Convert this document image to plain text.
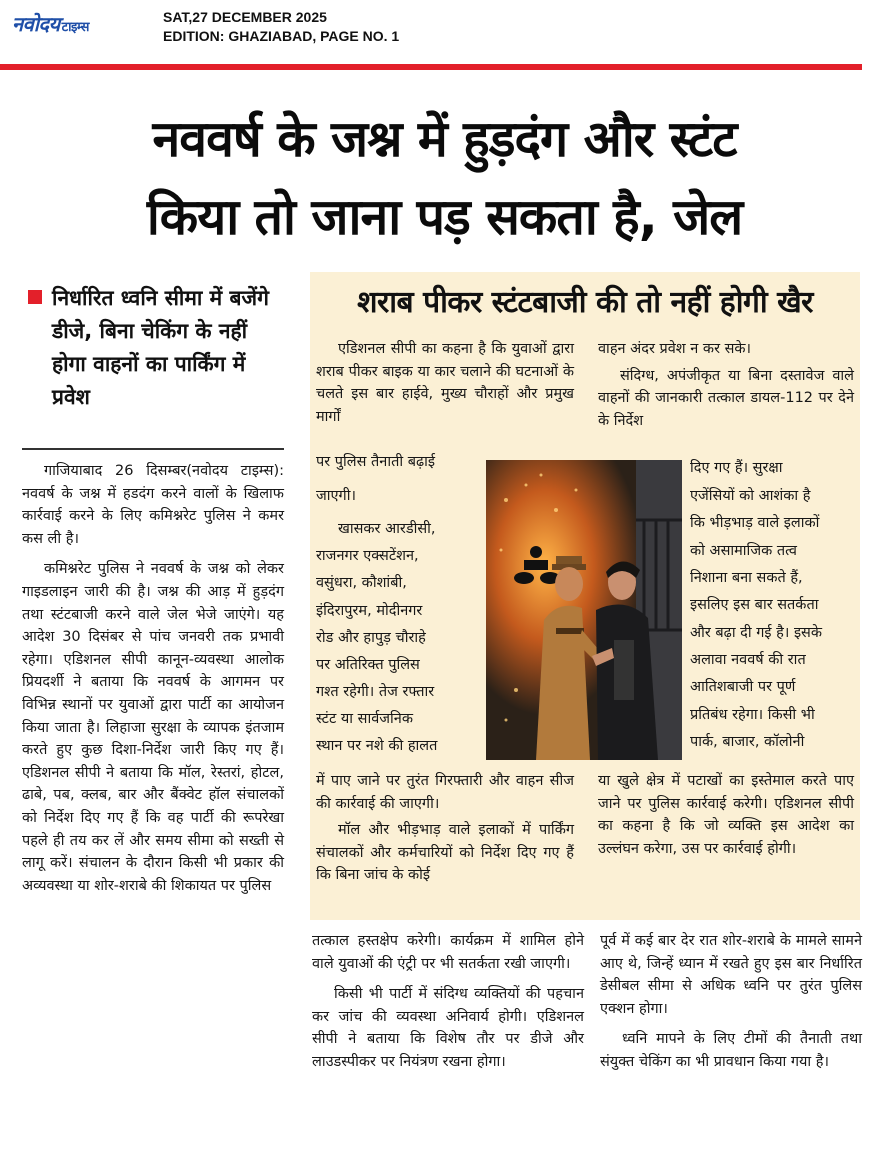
नवोदय टाइम्स
SAT,27 DECEMBER 2025
EDITION: GHAZIABAD, PAGE NO. 1
नववर्ष के जश्न में हुड़दंग और स्टंट
किया तो जाना पड़ सकता है, जेल
निर्धारित ध्वनि सीमा में बजेंगे डीजे, बिना चेकिंग के नहीं होगा वाहनों का पार्किंग में प्रवेश

गाजियाबाद 26 दिसम्बर(नवोदय टाइम्स): नववर्ष के जश्न में हडदंग करने वालों के खिलाफ कार्रवाई करने के लिए कमिश्नरेट पुलिस ने कमर कस ली है।

कमिश्नरेट पुलिस ने नववर्ष के जश्न को लेकर गाइडलाइन जारी की है। जश्न की आड़ में हुड़दंग तथा स्टंटबाजी करने वाले जेल भेजे जाएंगे। यह आदेश 30 दिसंबर से पांच जनवरी तक प्रभावी रहेगा। एडिशनल सीपी कानून-व्यवस्था आलोक प्रियदर्शी ने बताया कि नववर्ष के आगमन पर विभिन्न स्थानों पर युवाओं द्वारा पार्टी का आयोजन किया जाता है। लिहाजा सुरक्षा के व्यापक इंतजाम करते हुए कुछ दिशा-निर्देश जारी किए गए हैं। एडिशनल सीपी ने बताया कि मॉल, रेस्तरां, होटल, ढाबे, पब, क्लब, बार और बैंक्वेट हॉल संचालकों को निर्देश दिए गए हैं कि वह पार्टी की रूपरेखा पहले ही तय कर लें और समय सीमा को सख्ती से लागू करें। संचालन के दौरान किसी भी प्रकार की अव्यवस्था या शोर-शराबे की शिकायत पर पुलिस

शराब पीकर स्टंटबाजी की तो नहीं होगी खैर

एडिशनल सीपी का कहना है कि युवाओं द्वारा शराब पीकर बाइक या कार चलाने की घटनाओं के चलते इस बार हाईवे, मुख्य चौराहों और प्रमुख मार्गों

पर पुलिस तैनाती बढ़ाई
जाएगी।
खासकर आरडीसी,
राजनगर एक्सटेंशन,
वसुंधरा, कौशांबी,
इंदिरापुरम, मोदीनगर
रोड और हापुड़ चौराहे
पर अतिरिक्त पुलिस
गश्त रहेगी। तेज रफ्तार
स्टंट या सार्वजनिक
स्थान पर नशे की हालत

में पाए जाने पर तुरंत गिरफ्तारी और वाहन सीज की कार्रवाई की जाएगी।

मॉल और भीड़भाड़ वाले इलाकों में पार्किंग संचालकों और कर्मचारियों को निर्देश दिए गए हैं कि बिना जांच के कोई

वाहन अंदर प्रवेश न कर सके।

संदिग्ध, अपंजीकृत या बिना दस्तावेज वाले वाहनों की जानकारी तत्काल डायल-112 पर देने के निर्देश

दिए गए हैं। सुरक्षा
एजेंसियों को आशंका है
कि भीड़भाड़ वाले इलाकों
को असामाजिक तत्व
निशाना बना सकते हैं,
इसलिए इस बार सतर्कता
और बढ़ा दी गई है। इसके
अलावा नववर्ष की रात
आतिशबाजी पर पूर्ण
प्रतिबंध रहेगा। किसी भी
पार्क, बाजार, कॉलोनी

या खुले क्षेत्र में पटाखों का इस्तेमाल करते पाए जाने पर पुलिस कार्रवाई करेगी। एडिशनल सीपी का कहना है कि जो व्यक्ति इस आदेश का उल्लंघन करेगा, उस पर कार्रवाई होगी।

तत्काल हस्तक्षेप करेगी। कार्यक्रम में शामिल होने वाले युवाओं की एंट्री पर भी सतर्कता रखी जाएगी।

किसी भी पार्टी में संदिग्ध व्यक्तियों की पहचान कर जांच की व्यवस्था अनिवार्य होगी। एडिशनल सीपी ने बताया कि विशेष तौर पर डीजे और लाउडस्पीकर पर नियंत्रण रखना होगा।

पूर्व में कई बार देर रात शोर-शराबे के मामले सामने आए थे, जिन्हें ध्यान में रखते हुए इस बार निर्धारित डेसीबल सीमा से अधिक ध्वनि पर तुरंत पुलिस एक्शन होगा।

ध्वनि मापने के लिए टीमों की तैनाती तथा संयुक्त चेकिंग का भी प्रावधान किया गया है।
